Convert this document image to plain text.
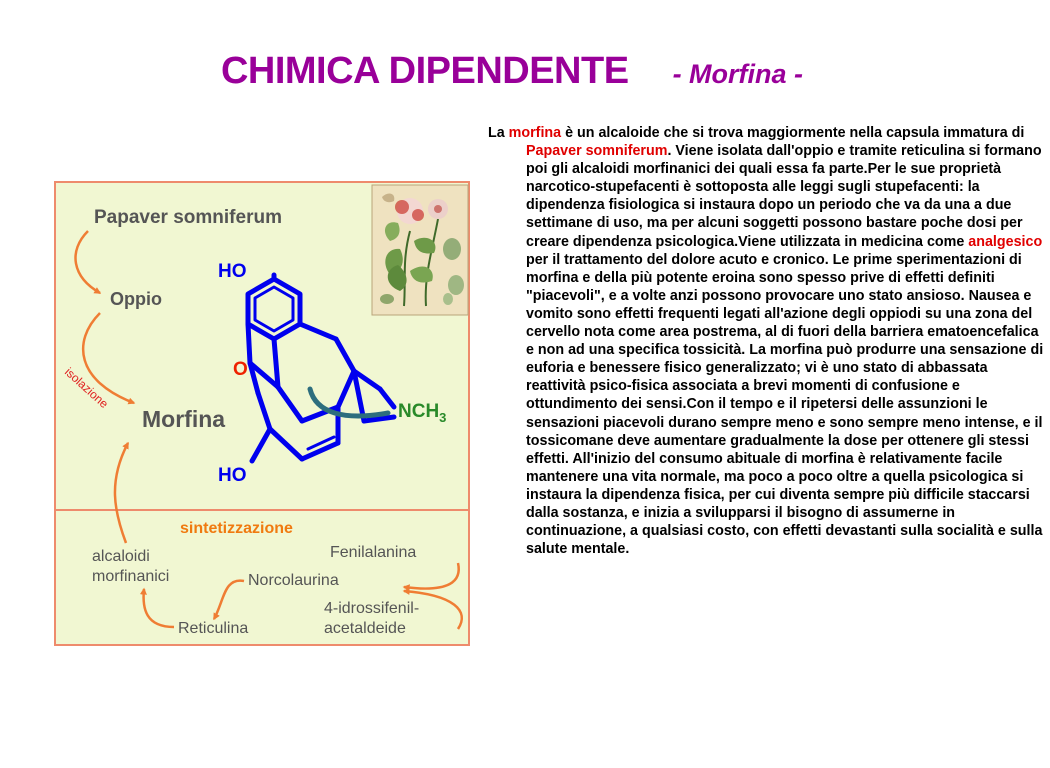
CHIMICA DIPENDENTE - Morfina -
Papaver somniferum
Oppio
Morfina
isolazione
HO
O
HO
$NCH_3$
sintetizzazione
alcaloidi
morfinanici
Fenilalanina
Norcolaurina
4-idrossifenil-
acetaldeide
Reticulina
La morfina è un alcaloide che si trova maggiormente nella capsula immatura di Papaver somniferum. Viene isolata dall'oppio e tramite reticulina si formano poi gli alcaloidi morfinanici dei quali essa fa parte.Per le sue proprietà narcotico-stupefacenti è sottoposta alle leggi sugli stupefacenti: la dipendenza fisiologica si instaura dopo un periodo che va da una a due settimane di uso, ma per alcuni soggetti possono bastare poche dosi per creare dipendenza psicologica.Viene utilizzata in medicina come analgesico per il trattamento del dolore acuto e cronico. Le prime sperimentazioni di morfina e della più potente eroina sono spesso prive di effetti definiti "piacevoli", e a volte anzi possono provocare uno stato ansioso. Nausea e vomito sono effetti frequenti legati all'azione degli oppiodi su una zona del cervello nota come area postrema, al di fuori della barriera ematoencefalica e non ad una specifica tossicità. La morfina può produrre una sensazione di euforia e benessere fisico generalizzato; vi è uno stato di abbassata reattività psico-fisica associata a brevi momenti di confusione e ottundimento dei sensi.Con il tempo e il ripetersi delle assunzioni le sensazioni piacevoli durano sempre meno e sono sempre meno intense, e il tossicomane deve aumentare gradualmente la dose per ottenere gli stessi effetti. All'inizio del consumo abituale di morfina è relativamente facile mantenere una vita normale, ma poco a poco oltre a quella psicologica si instaura la dipendenza fisica, per cui diventa sempre più difficile staccarsi dalla sostanza, e inizia a svilupparsi il bisogno di assumerne in continuazione, a qualsiasi costo, con effetti devastanti sulla socialità e sulla salute mentale.
